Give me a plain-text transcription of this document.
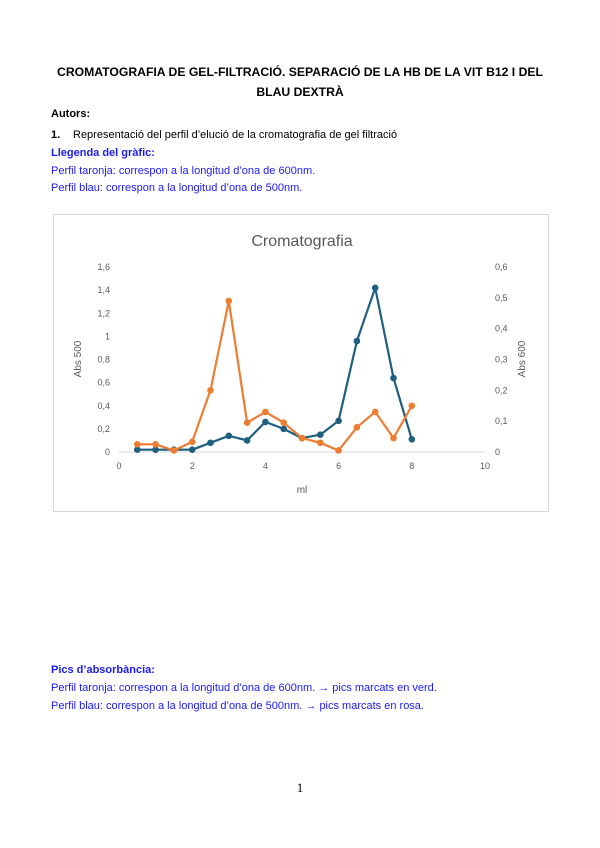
CROMATOGRAFIA DE GEL-FILTRACIÓ. SEPARACIÓ DE LA HB DE LA VIT B12 I DEL BLAU DEXTRÀ
Autors:
1. Representació del perfil d’elució de la cromatografia de gel filtració
Llegenda del gràfic:
Perfil taronja: correspon a la longitud d’ona de 600nm.
Perfil blau: correspon a la longitud d’ona de 500nm.
Cromatografia
ml
Abs 500	Abs 600
0	2	4	6	8	10
0
0,2
0,4
0,6
0,8
1
1,2
1,4
1,6
0
0,1
0,2
0,3
0,4
0,5
0,6
Pics d’absorbància:
Perfil taronja: correspon a la longitud d’ona de 600nm. → pics marcats en verd.
Perfil blau: correspon a la longitud d’ona de 500nm. → pics marcats en rosa.
1
